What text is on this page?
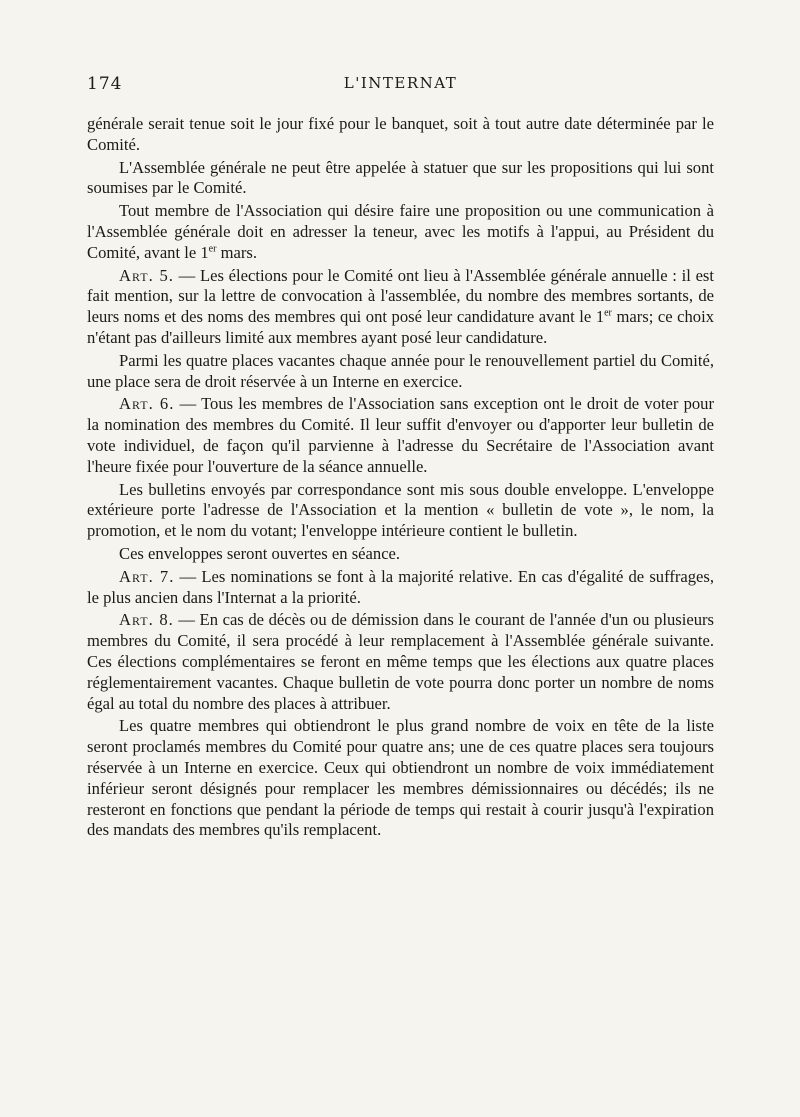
174	L'INTERNAT

générale serait tenue soit le jour fixé pour le banquet, soit à tout autre date déterminée par le Comité.

L'Assemblée générale ne peut être appelée à statuer que sur les propositions qui lui sont soumises par le Comité.

Tout membre de l'Association qui désire faire une proposition ou une communication à l'Assemblée générale doit en adresser la teneur, avec les motifs à l'appui, au Président du Comité, avant le 1er mars.

Art. 5. — Les élections pour le Comité ont lieu à l'Assemblée générale annuelle : il est fait mention, sur la lettre de convocation à l'assemblée, du nombre des membres sortants, de leurs noms et des noms des membres qui ont posé leur candidature avant le 1er mars; ce choix n'étant pas d'ailleurs limité aux membres ayant posé leur candidature.

Parmi les quatre places vacantes chaque année pour le renouvellement partiel du Comité, une place sera de droit réservée à un Interne en exercice.

Art. 6. — Tous les membres de l'Association sans exception ont le droit de voter pour la nomination des membres du Comité. Il leur suffit d'envoyer ou d'apporter leur bulletin de vote individuel, de façon qu'il parvienne à l'adresse du Secrétaire de l'Association avant l'heure fixée pour l'ouverture de la séance annuelle.

Les bulletins envoyés par correspondance sont mis sous double enveloppe. L'enveloppe extérieure porte l'adresse de l'Association et la mention « bulletin de vote », le nom, la promotion, et le nom du votant; l'enveloppe intérieure contient le bulletin.

Ces enveloppes seront ouvertes en séance.

Art. 7. — Les nominations se font à la majorité relative. En cas d'égalité de suffrages, le plus ancien dans l'Internat a la priorité.

Art. 8. — En cas de décès ou de démission dans le courant de l'année d'un ou plusieurs membres du Comité, il sera procédé à leur remplacement à l'Assemblée générale suivante. Ces élections complémentaires se feront en même temps que les élections aux quatre places réglementairement vacantes. Chaque bulletin de vote pourra donc porter un nombre de noms égal au total du nombre des places à attribuer.

Les quatre membres qui obtiendront le plus grand nombre de voix en tête de la liste seront proclamés membres du Comité pour quatre ans; une de ces quatre places sera toujours réservée à un Interne en exercice. Ceux qui obtiendront un nombre de voix immédiatement inférieur seront désignés pour remplacer les membres démissionnaires ou décédés; ils ne resteront en fonctions que pendant la période de temps qui restait à courir jusqu'à l'expiration des mandats des membres qu'ils remplacent.
